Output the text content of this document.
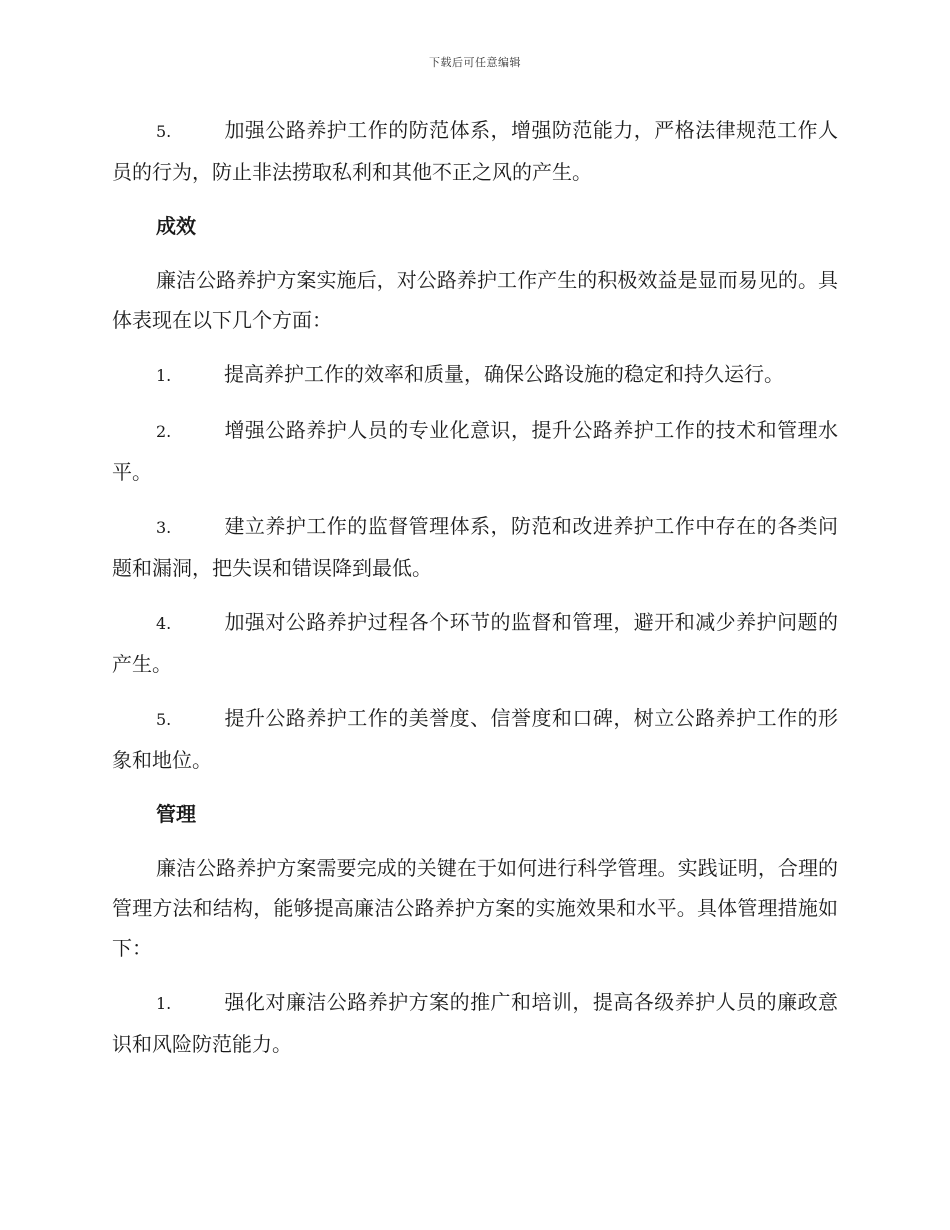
下载后可任意编辑

5.	加强公路养护工作的防范体系，增强防范能力，严格法律规范工作人员的行为，防止非法捞取私利和其他不正之风的产生。

成效

廉洁公路养护方案实施后，对公路养护工作产生的积极效益是显而易见的。具体表现在以下几个方面：

1.	提高养护工作的效率和质量，确保公路设施的稳定和持久运行。

2.	增强公路养护人员的专业化意识，提升公路养护工作的技术和管理水平。

3.	建立养护工作的监督管理体系，防范和改进养护工作中存在的各类问题和漏洞，把失误和错误降到最低。

4.	加强对公路养护过程各个环节的监督和管理，避开和减少养护问题的产生。

5.	提升公路养护工作的美誉度、信誉度和口碑，树立公路养护工作的形象和地位。

管理

廉洁公路养护方案需要完成的关键在于如何进行科学管理。实践证明，合理的管理方法和结构，能够提高廉洁公路养护方案的实施效果和水平。具体管理措施如下：

1.	强化对廉洁公路养护方案的推广和培训，提高各级养护人员的廉政意识和风险防范能力。
